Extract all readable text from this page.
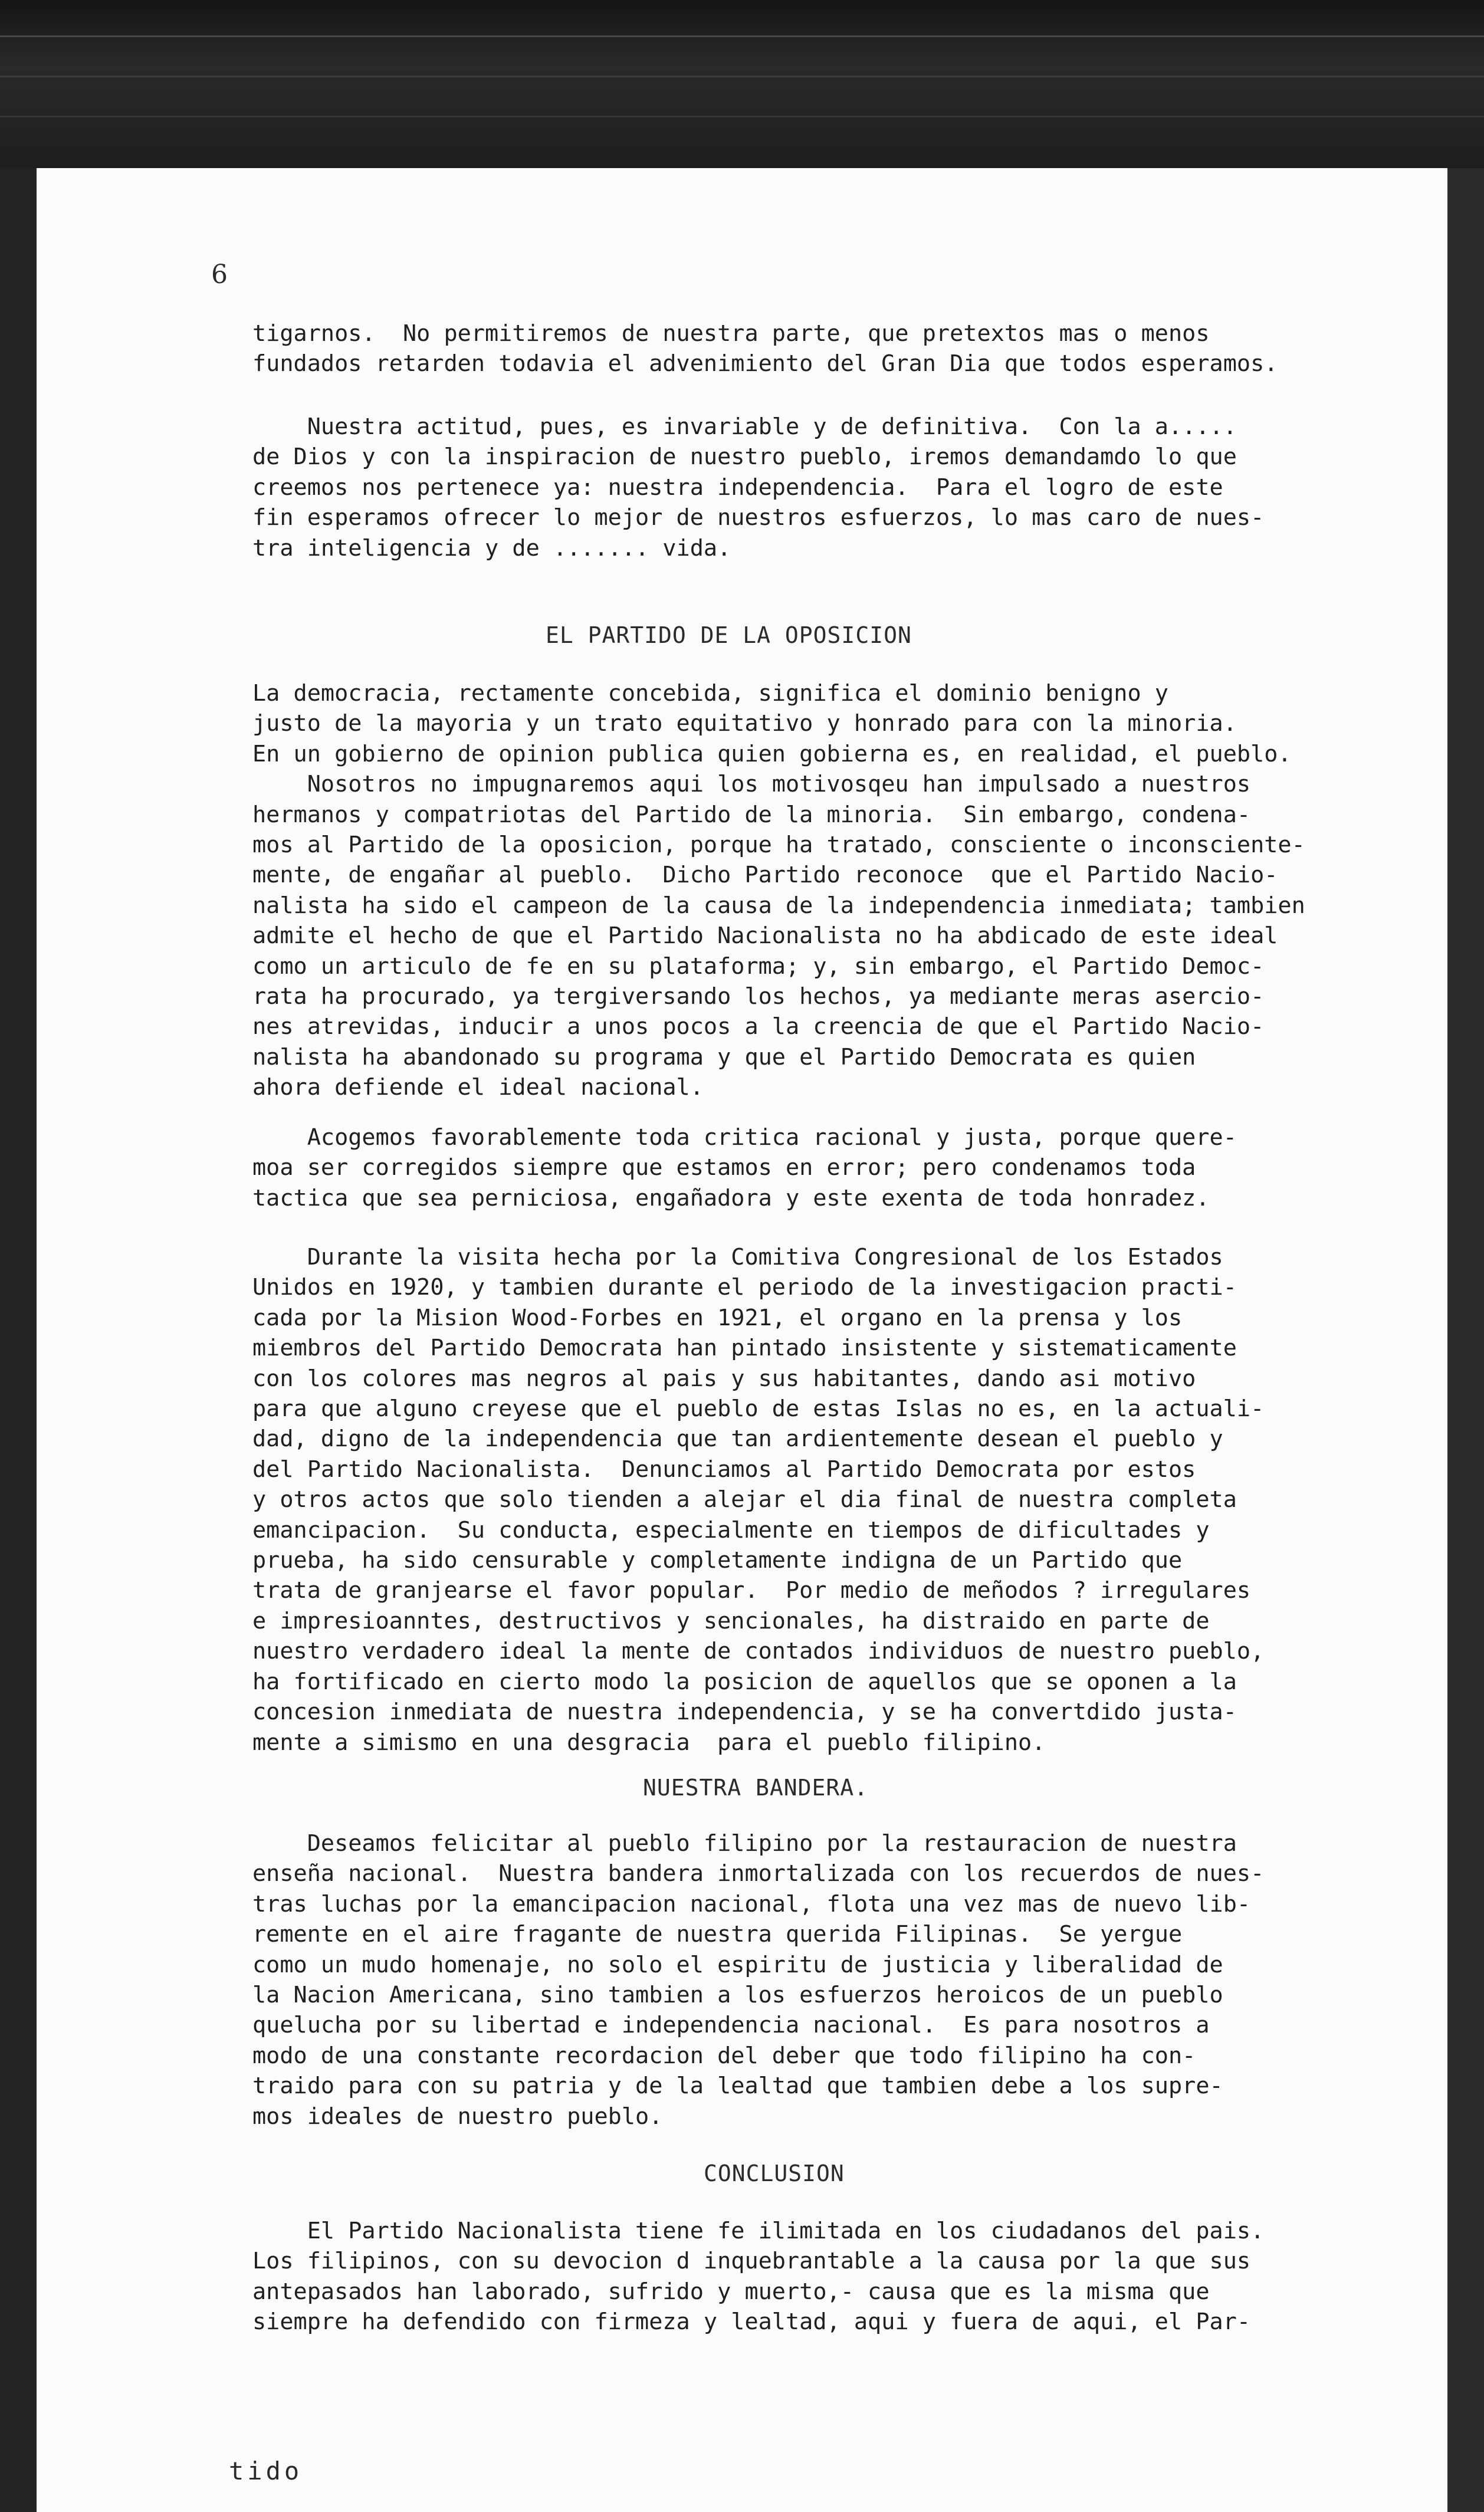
6
tigarnos.  No permitiremos de nuestra parte, que pretextos mas o menos
fundados retarden todavia el advenimiento del Gran Dia que todos esperamos.
Nuestra actitud, pues, es invariable y de definitiva.  Con la a.....
de Dios y con la inspiracion de nuestro pueblo, iremos demandamdo lo que
creemos nos pertenece ya: nuestra independencia.  Para el logro de este
fin esperamos ofrecer lo mejor de nuestros esfuerzos, lo mas caro de nues-
tra inteligencia y de ....... vida.
EL PARTIDO DE LA OPOSICION
La democracia, rectamente concebida, significa el dominio benigno y
justo de la mayoria y un trato equitativo y honrado para con la minoria.
En un gobierno de opinion publica quien gobierna es, en realidad, el pueblo.
Nosotros no impugnaremos aqui los motivosqeu han impulsado a nuestros
hermanos y compatriotas del Partido de la minoria.  Sin embargo, condena-
mos al Partido de la oposicion, porque ha tratado, consciente o inconsciente-
mente, de engañar al pueblo.  Dicho Partido reconoce  que el Partido Nacio-
nalista ha sido el campeon de la causa de la independencia inmediata; tambien
admite el hecho de que el Partido Nacionalista no ha abdicado de este ideal
como un articulo de fe en su plataforma; y, sin embargo, el Partido Democ-
rata ha procurado, ya tergiversando los hechos, ya mediante meras asercio-
nes atrevidas, inducir a unos pocos a la creencia de que el Partido Nacio-
nalista ha abandonado su programa y que el Partido Democrata es quien
ahora defiende el ideal nacional.
Acogemos favorablemente toda critica racional y justa, porque quere-
moa ser corregidos siempre que estamos en error; pero condenamos toda
tactica que sea perniciosa, engañadora y este exenta de toda honradez.
Durante la visita hecha por la Comitiva Congresional de los Estados
Unidos en 1920, y tambien durante el periodo de la investigacion practi-
cada por la Mision Wood-Forbes en 1921, el organo en la prensa y los
miembros del Partido Democrata han pintado insistente y sistematicamente
con los colores mas negros al pais y sus habitantes, dando asi motivo
para que alguno creyese que el pueblo de estas Islas no es, en la actuali-
dad, digno de la independencia que tan ardientemente desean el pueblo y
del Partido Nacionalista.  Denunciamos al Partido Democrata por estos
y otros actos que solo tienden a alejar el dia final de nuestra completa
emancipacion.  Su conducta, especialmente en tiempos de dificultades y
prueba, ha sido censurable y completamente indigna de un Partido que
trata de granjearse el favor popular.  Por medio de meñodos ? irregulares
e impresioanntes, destructivos y sencionales, ha distraido en parte de
nuestro verdadero ideal la mente de contados individuos de nuestro pueblo,
ha fortificado en cierto modo la posicion de aquellos que se oponen a la
concesion inmediata de nuestra independencia, y se ha convertdido justa-
mente a simismo en una desgracia  para el pueblo filipino.
NUESTRA BANDERA.
Deseamos felicitar al pueblo filipino por la restauracion de nuestra
enseña nacional.  Nuestra bandera inmortalizada con los recuerdos de nues-
tras luchas por la emancipacion nacional, flota una vez mas de nuevo lib-
remente en el aire fragante de nuestra querida Filipinas.  Se yergue
como un mudo homenaje, no solo el espiritu de justicia y liberalidad de
la Nacion Americana, sino tambien a los esfuerzos heroicos de un pueblo
quelucha por su libertad e independencia nacional.  Es para nosotros a
modo de una constante recordacion del deber que todo filipino ha con-
traido para con su patria y de la lealtad que tambien debe a los supre-
mos ideales de nuestro pueblo.
CONCLUSION
El Partido Nacionalista tiene fe ilimitada en los ciudadanos del pais.
Los filipinos, con su devocion d inquebrantable a la causa por la que sus
antepasados han laborado, sufrido y muerto,- causa que es la misma que
siempre ha defendido con firmeza y lealtad, aqui y fuera de aqui, el Par-
tido
